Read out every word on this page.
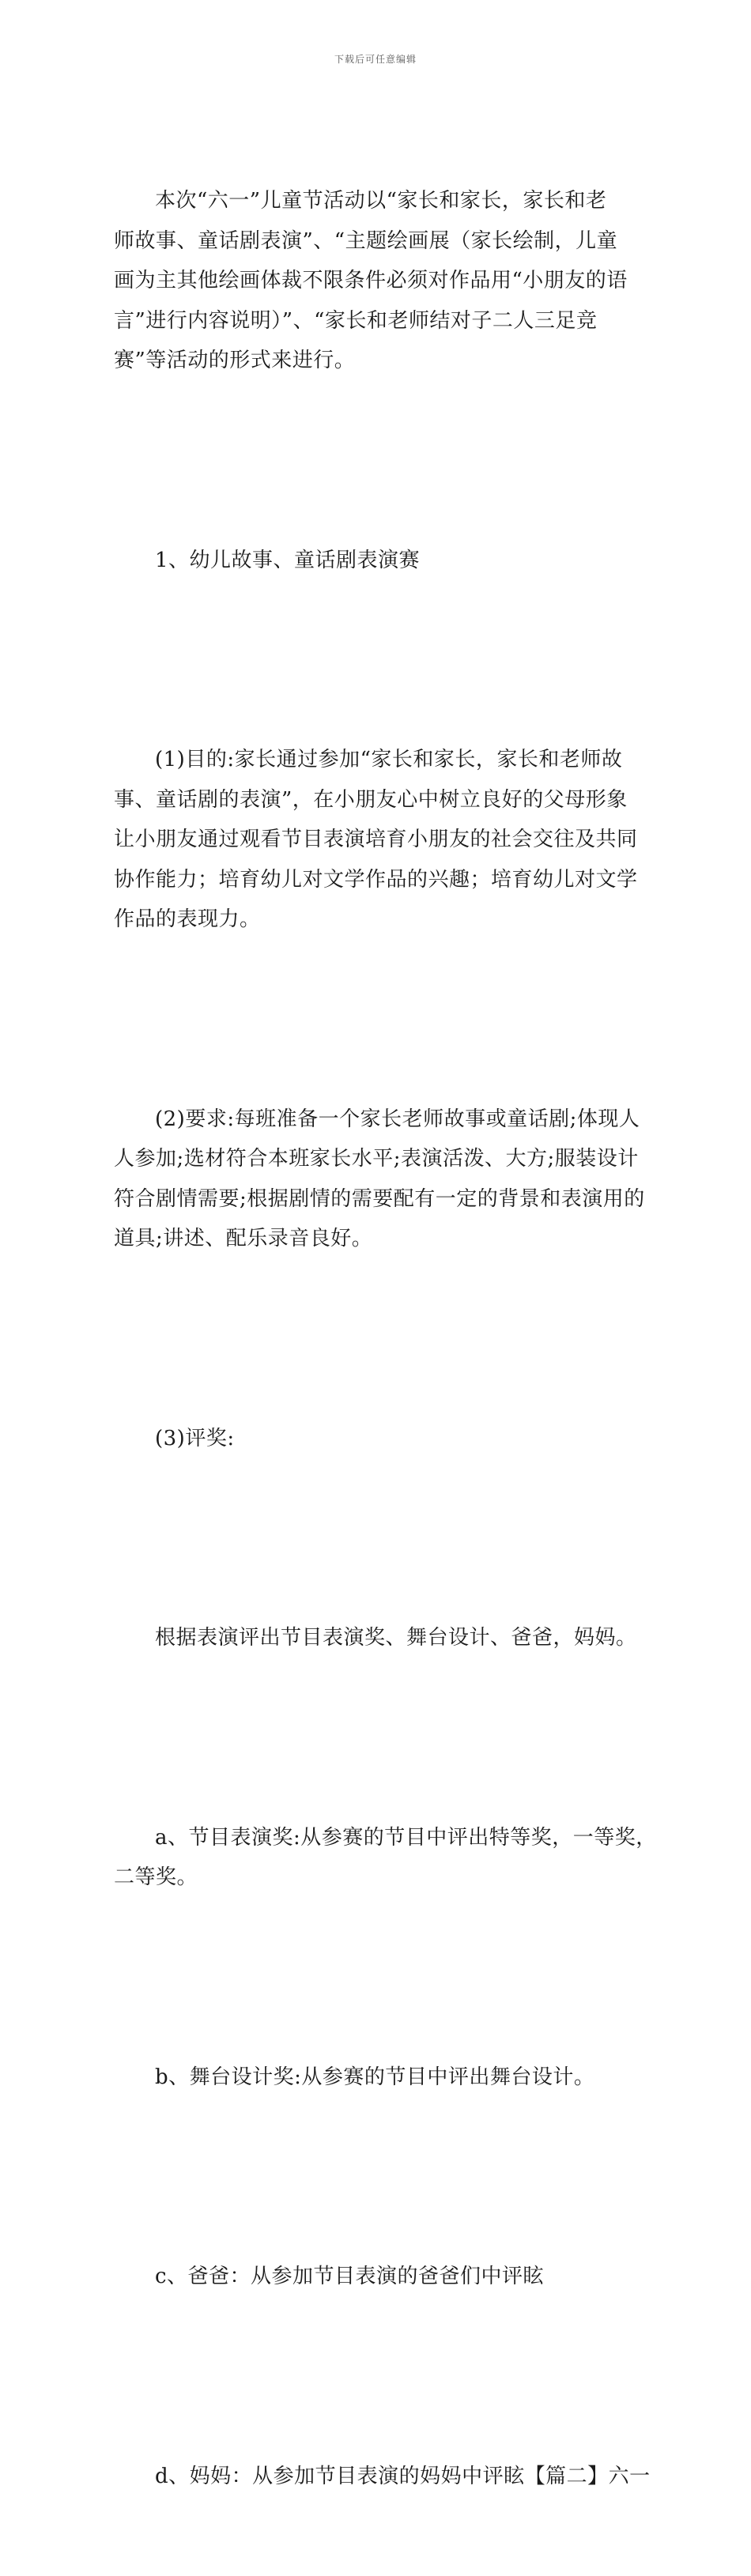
下载后可任意编辑

本次“六一”儿童节活动以“家长和家长，家长和老
师故事、童话剧表演”、“主题绘画展（家长绘制，儿童
画为主其他绘画体裁不限条件必须对作品用“小朋友的语
言”进行内容说明）”、“家长和老师结对子二人三足竞
赛”等活动的形式来进行。

1、幼儿故事、童话剧表演赛

(1)目的:家长通过参加“家长和家长，家长和老师故
事、童话剧的表演”，在小朋友心中树立良好的父母形象
让小朋友通过观看节目表演培育小朋友的社会交往及共同
协作能力；培育幼儿对文学作品的兴趣；培育幼儿对文学
作品的表现力。

(2)要求:每班准备一个家长老师故事或童话剧;体现人
人参加;选材符合本班家长水平;表演活泼、大方;服装设计
符合剧情需要;根据剧情的需要配有一定的背景和表演用的
道具;讲述、配乐录音良好。

(3)评奖:

根据表演评出节目表演奖、舞台设计、爸爸，妈妈。

a、节目表演奖:从参赛的节目中评出特等奖，一等奖，
二等奖。

b、舞台设计奖:从参赛的节目中评出舞台设计。

c、爸爸：从参加节目表演的爸爸们中评眩

d、妈妈：从参加节目表演的妈妈中评眩【篇二】六一
